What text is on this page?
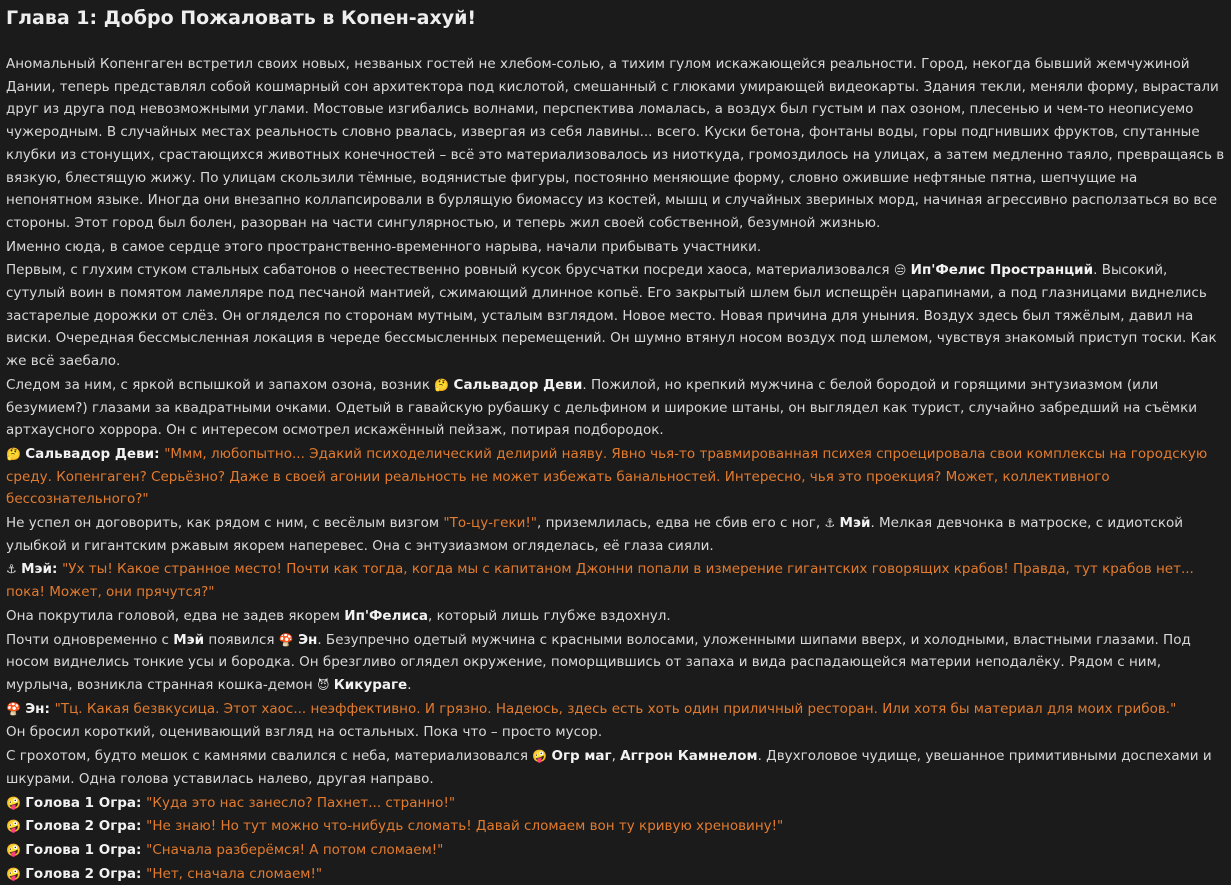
Глава 1: Добро Пожаловать в Копен-ахуй!

Аномальный Копенгаген встретил своих новых, незваных гостей не хлебом-солью, а тихим гулом искажающейся реальности. Город, некогда бывший жемчужиной Дании, теперь представлял собой кошмарный сон архитектора под кислотой, смешанный с глюками умирающей видеокарты. Здания текли, меняли форму, вырастали друг из друга под невозможными углами. Мостовые изгибались волнами, перспектива ломалась, а воздух был густым и пах озоном, плесенью и чем-то неописуемо чужеродным. В случайных местах реальность словно рвалась, извергая из себя лавины... всего. Куски бетона, фонтаны воды, горы подгнивших фруктов, спутанные клубки из стонущих, срастающихся животных конечностей – всё это материализовалось из ниоткуда, громоздилось на улицах, а затем медленно таяло, превращаясь в вязкую, блестящую жижу. По улицам скользили тёмные, водянистые фигуры, постоянно меняющие форму, словно ожившие нефтяные пятна, шепчущие на непонятном языке. Иногда они внезапно коллапсировали в бурлящую биомассу из костей, мышц и случайных звериных морд, начиная агрессивно расползаться во все стороны. Этот город был болен, разорван на части сингулярностью, и теперь жил своей собственной, безумной жизнью.

Именно сюда, в самое сердце этого пространственно-временного нарыва, начали прибывать участники.

Первым, с глухим стуком стальных сабатонов о неестественно ровный кусок брусчатки посреди хаоса, материализовался 😒 Ип'Фелис Пространций. Высокий, сутулый воин в помятом ламелляре под песчаной мантией, сжимающий длинное копьё. Его закрытый шлем был испещрён царапинами, а под глазницами виднелись застарелые дорожки от слёз. Он огляделся по сторонам мутным, усталым взглядом. Новое место. Новая причина для уныния. Воздух здесь был тяжёлым, давил на виски. Очередная бессмысленная локация в череде бессмысленных перемещений. Он шумно втянул носом воздух под шлемом, чувствуя знакомый приступ тоски. Как же всё заебало.

Следом за ним, с яркой вспышкой и запахом озона, возник 🤔 Сальвадор Деви. Пожилой, но крепкий мужчина с белой бородой и горящими энтузиазмом (или безумием?) глазами за квадратными очками. Одетый в гавайскую рубашку с дельфином и широкие штаны, он выглядел как турист, случайно забредший на съёмки артхаусного хоррора. Он с интересом осмотрел искажённый пейзаж, потирая подбородок.

🤔 Сальвадор Деви: "Ммм, любопытно... Эдакий психоделический делирий наяву. Явно чья-то травмированная психея спроецировала свои комплексы на городскую среду. Копенгаген? Серьёзно? Даже в своей агонии реальность не может избежать банальностей. Интересно, чья это проекция? Может, коллективного бессознательного?"

Не успел он договорить, как рядом с ним, с весёлым визгом "То-цу-геки!", приземлилась, едва не сбив его с ног, ⚓ Мэй. Мелкая девчонка в матроске, с идиотской улыбкой и гигантским ржавым якорем наперевес. Она с энтузиазмом огляделась, её глаза сияли.

⚓ Мэй: "Ух ты! Какое странное место! Почти как тогда, когда мы с капитаном Джонни попали в измерение гигантских говорящих крабов! Правда, тут крабов нет... пока! Может, они прячутся?"

Она покрутила головой, едва не задев якорем Ип'Фелиса, который лишь глубже вздохнул.

Почти одновременно с Мэй появился 🍄 Эн. Безупречно одетый мужчина с красными волосами, уложенными шипами вверх, и холодными, властными глазами. Под носом виднелись тонкие усы и бородка. Он брезгливо оглядел окружение, поморщившись от запаха и вида распадающейся материи неподалёку. Рядом с ним, мурлыча, возникла странная кошка-демон 😈 Кикураге.

🍄 Эн: "Тц. Какая безвкусица. Этот хаос... неэффективно. И грязно. Надеюсь, здесь есть хоть один приличный ресторан. Или хотя бы материал для моих грибов."

Он бросил короткий, оценивающий взгляд на остальных. Пока что – просто мусор.

С грохотом, будто мешок с камнями свалился с неба, материализовался 🤪 Огр маг, Аггрон Камнелом. Двухголовое чудище, увешанное примитивными доспехами и шкурами. Одна голова уставилась налево, другая направо.

🤪 Голова 1 Огра: "Куда это нас занесло? Пахнет... странно!"

🤪 Голова 2 Огра: "Не знаю! Но тут можно что-нибудь сломать! Давай сломаем вон ту кривую хреновину!"

🤪 Голова 1 Огра: "Сначала разберёмся! А потом сломаем!"

🤪 Голова 2 Огра: "Нет, сначала сломаем!"
